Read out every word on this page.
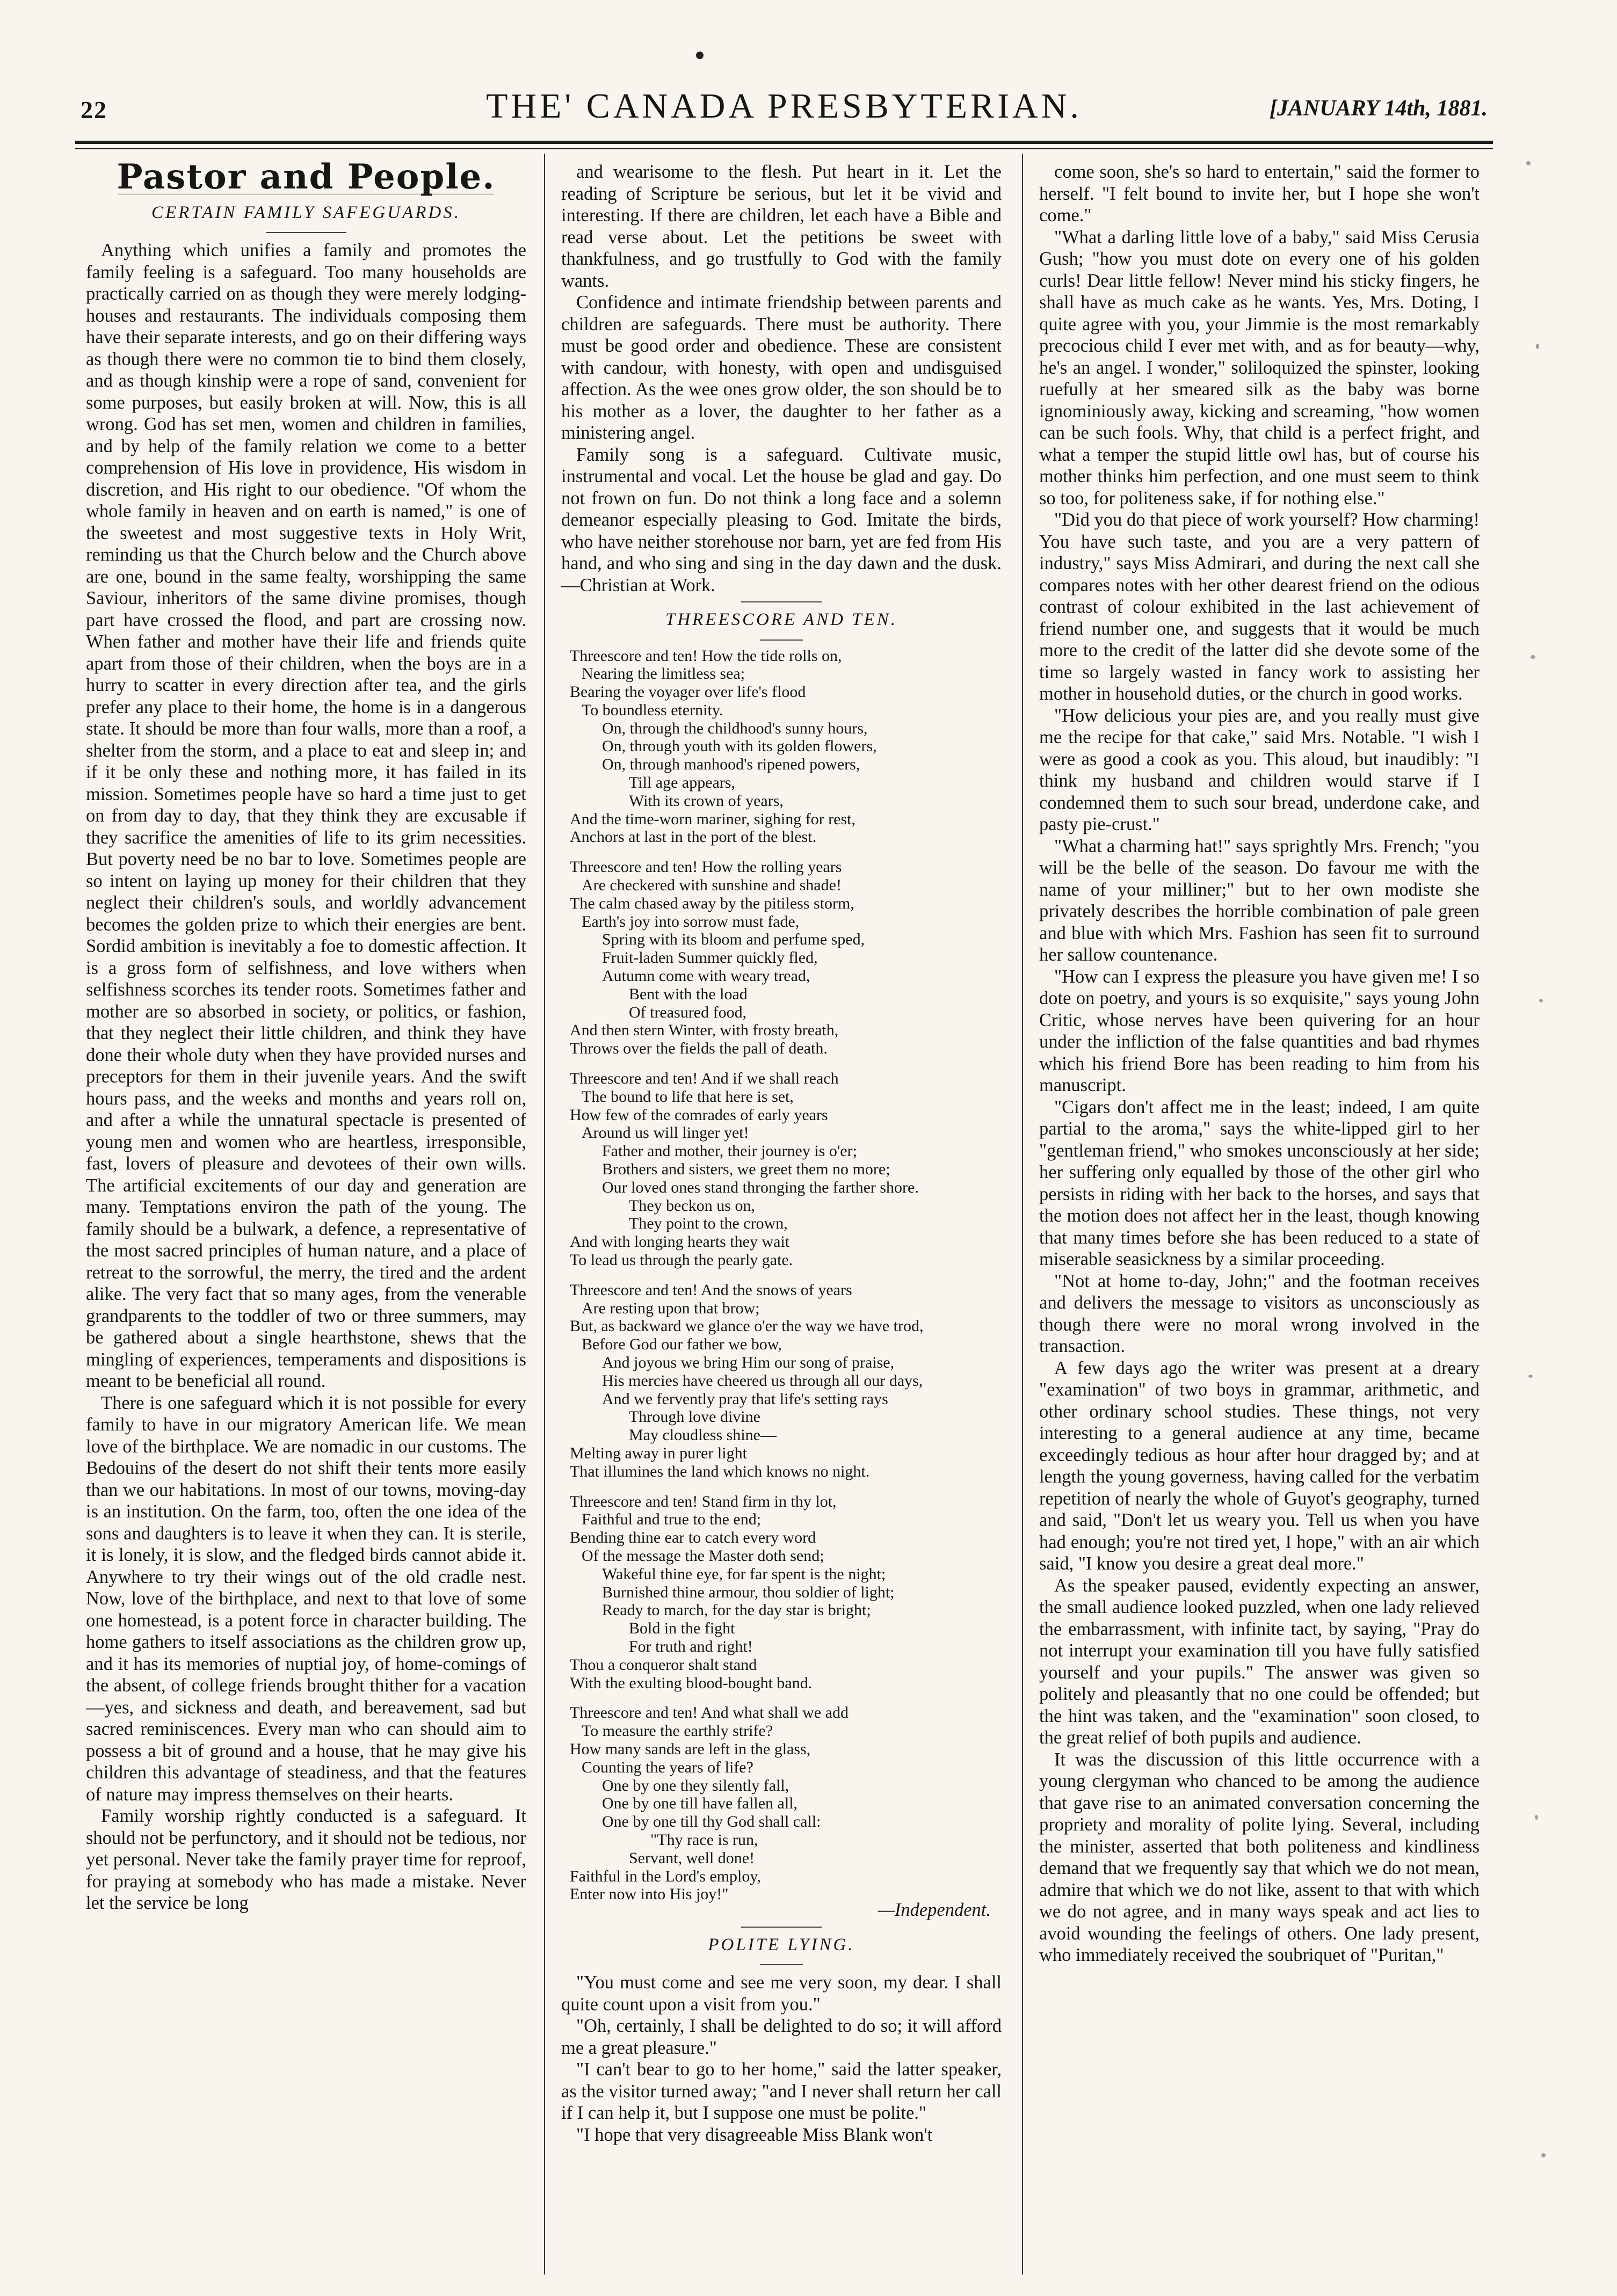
22	THE' CANADA PRESBYTERIAN.	[JANUARY 14th, 1881.
Pastor and People.
CERTAIN FAMILY SAFEGUARDS.

Anything which unifies a family and promotes the family feeling is a safeguard. Too many households are practically carried on as though they were merely lodging-houses and restaurants. The individuals composing them have their separate interests, and go on their differing ways as though there were no common tie to bind them closely, and as though kinship were a rope of sand, convenient for some purposes, but easily broken at will. Now, this is all wrong. God has set men, women and children in families, and by help of the family relation we come to a better comprehension of His love in providence, His wisdom in discretion, and His right to our obedience. "Of whom the whole family in heaven and on earth is named," is one of the sweetest and most suggestive texts in Holy Writ, reminding us that the Church below and the Church above are one, bound in the same fealty, worshipping the same Saviour, inheritors of the same divine promises, though part have crossed the flood, and part are crossing now. When father and mother have their life and friends quite apart from those of their children, when the boys are in a hurry to scatter in every direction after tea, and the girls prefer any place to their home, the home is in a dangerous state. It should be more than four walls, more than a roof, a shelter from the storm, and a place to eat and sleep in; and if it be only these and nothing more, it has failed in its mission. Sometimes people have so hard a time just to get on from day to day, that they think they are excusable if they sacrifice the amenities of life to its grim necessities. But poverty need be no bar to love. Sometimes people are so intent on laying up money for their children that they neglect their children's souls, and worldly advancement becomes the golden prize to which their energies are bent. Sordid ambition is inevitably a foe to domestic affection. It is a gross form of selfishness, and love withers when selfishness scorches its tender roots. Sometimes father and mother are so absorbed in society, or politics, or fashion, that they neglect their little children, and think they have done their whole duty when they have provided nurses and preceptors for them in their juvenile years. And the swift hours pass, and the weeks and months and years roll on, and after a while the unnatural spectacle is presented of young men and women who are heartless, irresponsible, fast, lovers of pleasure and devotees of their own wills. The artificial excitements of our day and generation are many. Temptations environ the path of the young. The family should be a bulwark, a defence, a representative of the most sacred principles of human nature, and a place of retreat to the sorrowful, the merry, the tired and the ardent alike. The very fact that so many ages, from the venerable grandparents to the toddler of two or three summers, may be gathered about a single hearthstone, shews that the mingling of experiences, temperaments and dispositions is meant to be beneficial all round.

There is one safeguard which it is not possible for every family to have in our migratory American life. We mean love of the birthplace. We are nomadic in our customs. The Bedouins of the desert do not shift their tents more easily than we our habitations. In most of our towns, moving-day is an institution. On the farm, too, often the one idea of the sons and daughters is to leave it when they can. It is sterile, it is lonely, it is slow, and the fledged birds cannot abide it. Anywhere to try their wings out of the old cradle nest. Now, love of the birthplace, and next to that love of some one homestead, is a potent force in character building. The home gathers to itself associations as the children grow up, and it has its memories of nuptial joy, of home-comings of the absent, of college friends brought thither for a vacation—yes, and sickness and death, and bereavement, sad but sacred reminiscences. Every man who can should aim to possess a bit of ground and a house, that he may give his children this advantage of steadiness, and that the features of nature may impress themselves on their hearts.

Family worship rightly conducted is a safeguard. It should not be perfunctory, and it should not be tedious, nor yet personal. Never take the family prayer time for reproof, for praying at somebody who has made a mistake. Never let the service be long

and wearisome to the flesh. Put heart in it. Let the reading of Scripture be serious, but let it be vivid and interesting. If there are children, let each have a Bible and read verse about. Let the petitions be sweet with thankfulness, and go trustfully to God with the family wants.

Confidence and intimate friendship between parents and children are safeguards. There must be authority. There must be good order and obedience. These are consistent with candour, with honesty, with open and undisguised affection. As the wee ones grow older, the son should be to his mother as a lover, the daughter to her father as a ministering angel.

Family song is a safeguard. Cultivate music, instrumental and vocal. Let the house be glad and gay. Do not frown on fun. Do not think a long face and a solemn demeanor especially pleasing to God. Imitate the birds, who have neither storehouse nor barn, yet are fed from His hand, and who sing and sing in the day dawn and the dusk.—Christian at Work.

THREESCORE AND TEN.
Threescore and ten! How the tide rolls on,
Nearing the limitless sea;
Bearing the voyager over life's flood
To boundless eternity.
On, through the childhood's sunny hours,
On, through youth with its golden flowers,
On, through manhood's ripened powers,
Till age appears,
With its crown of years,
And the time-worn mariner, sighing for rest,
Anchors at last in the port of the blest.
Threescore and ten! How the rolling years
Are checkered with sunshine and shade!
The calm chased away by the pitiless storm,
Earth's joy into sorrow must fade,
Spring with its bloom and perfume sped,
Fruit-laden Summer quickly fled,
Autumn come with weary tread,
Bent with the load
Of treasured food,
And then stern Winter, with frosty breath,
Throws over the fields the pall of death.
Threescore and ten! And if we shall reach
The bound to life that here is set,
How few of the comrades of early years
Around us will linger yet!
Father and mother, their journey is o'er;
Brothers and sisters, we greet them no more;
Our loved ones stand thronging the farther shore.
They beckon us on,
They point to the crown,
And with longing hearts they wait
To lead us through the pearly gate.
Threescore and ten! And the snows of years
Are resting upon that brow;
But, as backward we glance o'er the way we have trod,
Before God our father we bow,
And joyous we bring Him our song of praise,
His mercies have cheered us through all our days,
And we fervently pray that life's setting rays
Through love divine
May cloudless shine—
Melting away in purer light
That illumines the land which knows no night.
Threescore and ten! Stand firm in thy lot,
Faithful and true to the end;
Bending thine ear to catch every word
Of the message the Master doth send;
Wakeful thine eye, for far spent is the night;
Burnished thine armour, thou soldier of light;
Ready to march, for the day star is bright;
Bold in the fight
For truth and right!
Thou a conqueror shalt stand
With the exulting blood-bought band.
Threescore and ten! And what shall we add
To measure the earthly strife?
How many sands are left in the glass,
Counting the years of life?
One by one they silently fall,
One by one till have fallen all,
One by one till thy God shall call:
"Thy race is run,
Servant, well done!
Faithful in the Lord's employ,
Enter now into His joy!"
—Independent.
POLITE LYING.

"You must come and see me very soon, my dear. I shall quite count upon a visit from you."

"Oh, certainly, I shall be delighted to do so; it will afford me a great pleasure."

"I can't bear to go to her home," said the latter speaker, as the visitor turned away; "and I never shall return her call if I can help it, but I suppose one must be polite."

"I hope that very disagreeable Miss Blank won't

come soon, she's so hard to entertain," said the former to herself. "I felt bound to invite her, but I hope she won't come."

"What a darling little love of a baby," said Miss Cerusia Gush; "how you must dote on every one of his golden curls! Dear little fellow! Never mind his sticky fingers, he shall have as much cake as he wants. Yes, Mrs. Doting, I quite agree with you, your Jimmie is the most remarkably precocious child I ever met with, and as for beauty—why, he's an angel. I wonder," soliloquized the spinster, looking ruefully at her smeared silk as the baby was borne ignominiously away, kicking and screaming, "how women can be such fools. Why, that child is a perfect fright, and what a temper the stupid little owl has, but of course his mother thinks him perfection, and one must seem to think so too, for politeness sake, if for nothing else."

"Did you do that piece of work yourself? How charming! You have such taste, and you are a very pattern of industry," says Miss Admirari, and during the next call she compares notes with her other dearest friend on the odious contrast of colour exhibited in the last achievement of friend number one, and suggests that it would be much more to the credit of the latter did she devote some of the time so largely wasted in fancy work to assisting her mother in household duties, or the church in good works.

"How delicious your pies are, and you really must give me the recipe for that cake," said Mrs. Notable. "I wish I were as good a cook as you. This aloud, but inaudibly: "I think my husband and children would starve if I condemned them to such sour bread, underdone cake, and pasty pie-crust."

"What a charming hat!" says sprightly Mrs. French; "you will be the belle of the season. Do favour me with the name of your milliner;" but to her own modiste she privately describes the horrible combination of pale green and blue with which Mrs. Fashion has seen fit to surround her sallow countenance.

"How can I express the pleasure you have given me! I so dote on poetry, and yours is so exquisite," says young John Critic, whose nerves have been quivering for an hour under the infliction of the false quantities and bad rhymes which his friend Bore has been reading to him from his manuscript.

"Cigars don't affect me in the least; indeed, I am quite partial to the aroma," says the white-lipped girl to her "gentleman friend," who smokes unconsciously at her side; her suffering only equalled by those of the other girl who persists in riding with her back to the horses, and says that the motion does not affect her in the least, though knowing that many times before she has been reduced to a state of miserable seasickness by a similar proceeding.

"Not at home to-day, John;" and the footman receives and delivers the message to visitors as unconsciously as though there were no moral wrong involved in the transaction.

A few days ago the writer was present at a dreary "examination" of two boys in grammar, arithmetic, and other ordinary school studies. These things, not very interesting to a general audience at any time, became exceedingly tedious as hour after hour dragged by; and at length the young governess, having called for the verbatim repetition of nearly the whole of Guyot's geography, turned and said, "Don't let us weary you. Tell us when you have had enough; you're not tired yet, I hope," with an air which said, "I know you desire a great deal more."

As the speaker paused, evidently expecting an answer, the small audience looked puzzled, when one lady relieved the embarrassment, with infinite tact, by saying, "Pray do not interrupt your examination till you have fully satisfied yourself and your pupils." The answer was given so politely and pleasantly that no one could be offended; but the hint was taken, and the "examination" soon closed, to the great relief of both pupils and audience.

It was the discussion of this little occurrence with a young clergyman who chanced to be among the audience that gave rise to an animated conversation concerning the propriety and morality of polite lying. Several, including the minister, asserted that both politeness and kindliness demand that we frequently say that which we do not mean, admire that which we do not like, assent to that with which we do not agree, and in many ways speak and act lies to avoid wounding the feelings of others. One lady present, who immediately received the soubriquet of "Puritan,"
